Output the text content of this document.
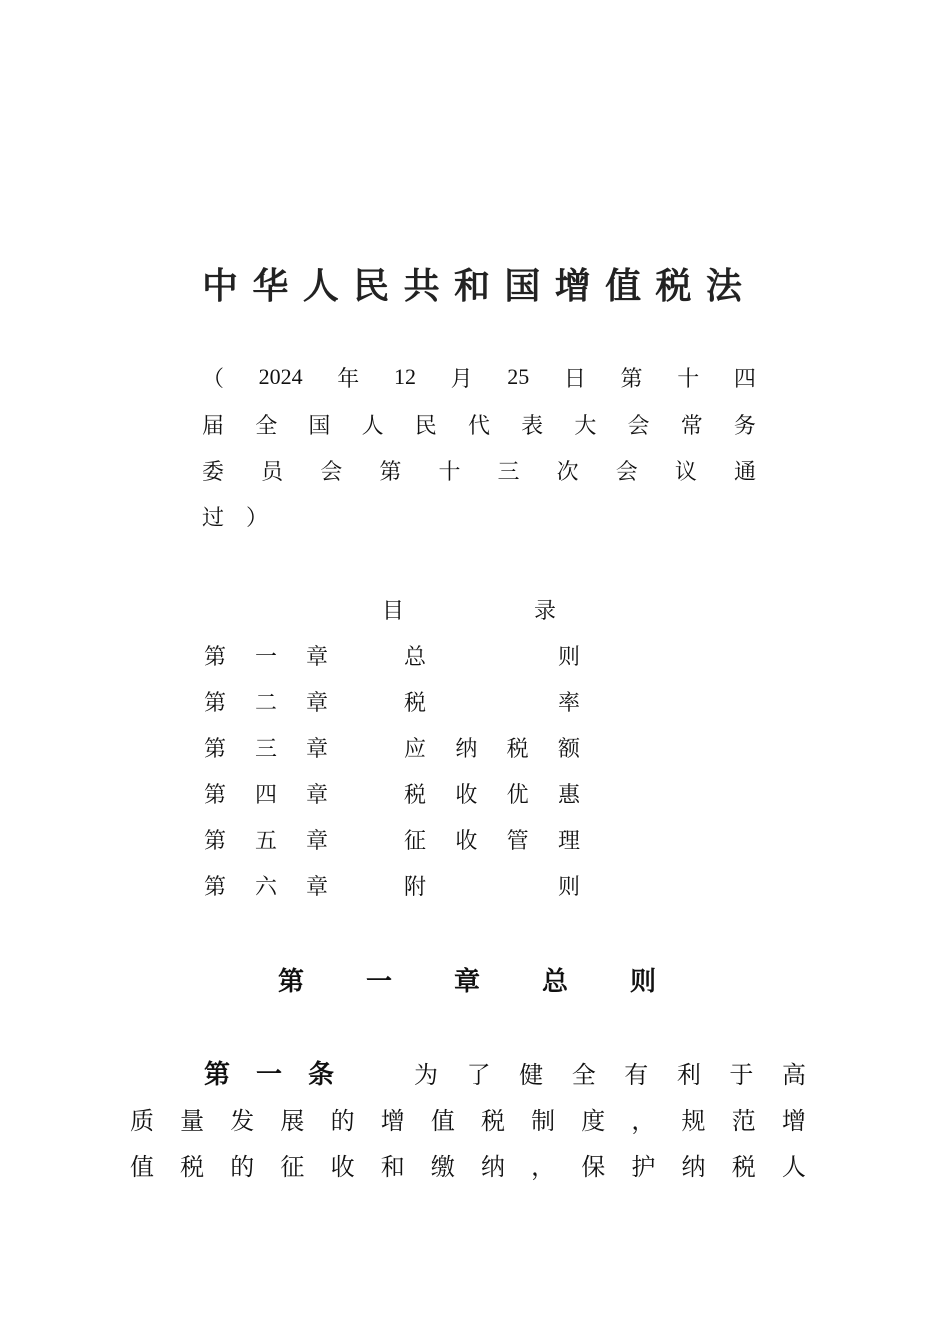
中 华 人 民 共 和 国 增 值 税 法
（ 2024 年 12 月 25 日 第 十 四
届 全 国 人 民 代 表 大 会 常 务
委 员 会 第 十 三 次 会 议 通
过 ）
目	录
第 一 章	总	则
第 二 章	税	率
第 三 章	应 纳 税 额
第 四 章	税 收 优 惠
第 五 章	征 收 管 理
第 六 章	附	则
第 一 章 总 则
第 一 条	为 了 健 全 有 利 于 高
质 量 发 展 的 增 值 税 制 度 ， 规 范 增
值 税 的 征 收 和 缴 纳 ， 保 护 纳 税 人
